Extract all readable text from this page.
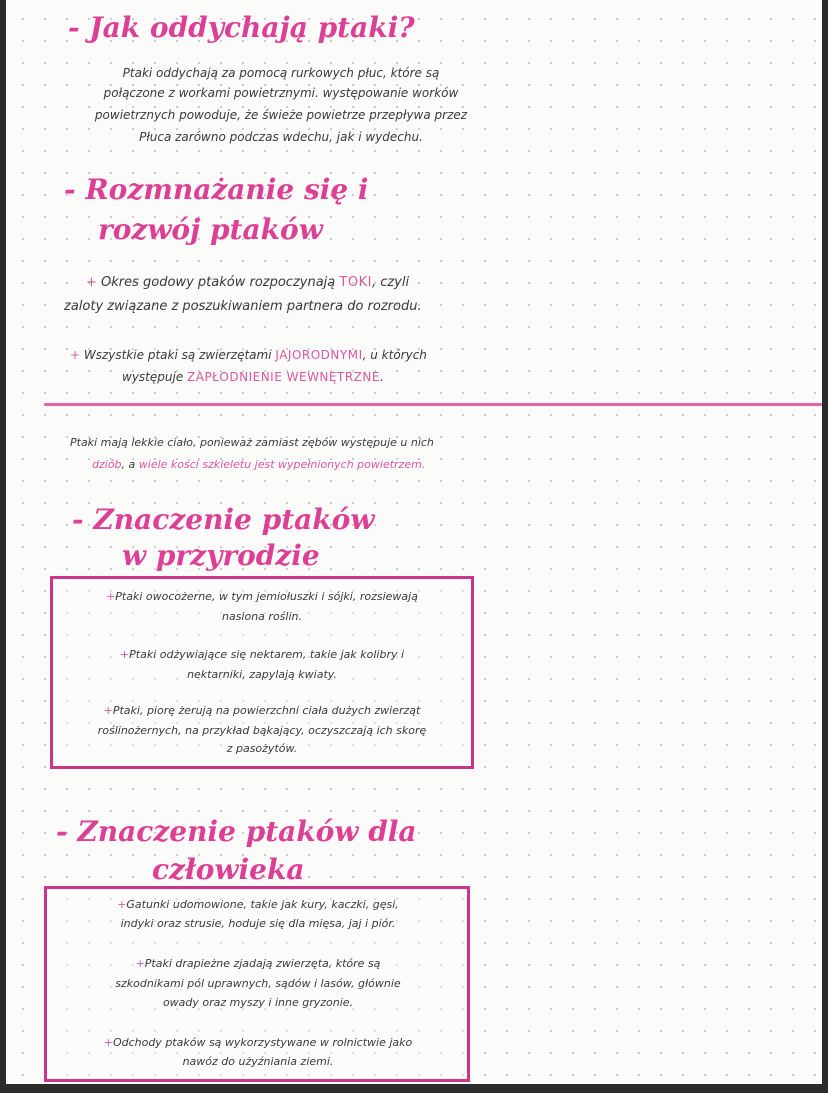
- Jak oddychają ptaki?

Ptaki oddychają za pomocą rurkowych płuc, które są

połączone z workami powietrznymi. występowanie worków

powietrznych powoduje, że świeże powietrze przepływa przez

Płuca zarówno podczas wdechu, jak i wydechu.

- Rozmnażanie się i
rozwój ptaków

+ Okres godowy ptaków rozpoczynają TOKI, czyli

zaloty związane z poszukiwaniem partnera do rozrodu.

+ Wszystkie ptaki są zwierzętami JAJORODNYMI, u których

występuje ZAPŁODNIENIE WEWNĘTRZNE.

Ptaki mają lekkie ciało, ponieważ zamiast zębów występuje u nich

dziób, a wiele kości szkieletu jest wypełnionych powietrzem.

- Znaczenie ptaków
w przyrodzie

+Ptaki owocożerne, w tym jemiołuszki i sójki, rozsiewają

nasiona roślin.

+Ptaki odżywiające się nektarem, takie jak kolibry i

nektarniki, zapylają kwiaty.

+Ptaki, piorę żerują na powierzchni ciała dużych zwierząt

roślinożernych, na przykład bąkający, oczyszczają ich skorę

z pasożytów.

- Znaczenie ptaków dla
człowieka

+Gatunki udomowione, takie jak kury, kaczki, gęsi,

indyki oraz strusie, hoduje się dla mięsa, jaj i piór.

+Ptaki drapieżne zjadają zwierzęta, które są

szkodnikami pól uprawnych, sądów i lasów, głównie

owady oraz myszy i inne gryzonie.

+Odchody ptaków są wykorzystywane w rolnictwie jako

nawóz do użyźniania ziemi.
